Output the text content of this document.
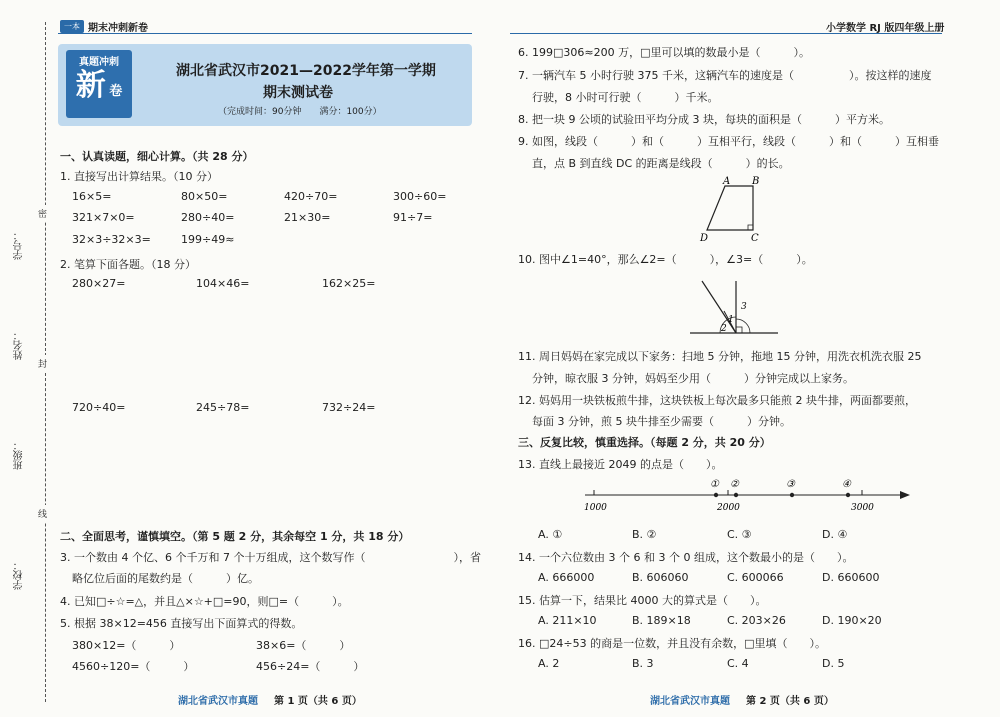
一本 期末冲刺新卷	小学数学 RJ 版四年级上册
学号：
姓名：
班级：
学校：
密
封
线
真题冲刺
新 卷
湖北省武汉市2021—2022学年第一学期
期末测试卷
（完成时间：90分钟　　满分：100分）
一、认真读题，细心计算。（共 28 分）
1. 直接写出计算结果。（10 分）
16×5=	80×50=	420÷70=	300÷60=
321×7×0=	280÷40=	21×30=	91÷7=
32×3÷32×3=	199÷49≈
2. 笔算下面各题。（18 分）
280×27=	104×46=	162×25=
720÷40=	245÷78=	732÷24=
二、全面思考，谨慎填空。（第 5 题 2 分，其余每空 1 分，共 18 分）
3. 一个数由 4 个亿、6 个千万和 7 个十万组成，这个数写作（　　　　　　　　），省
略亿位后面的尾数约是（　　　）亿。
4. 已知□÷☆=△，并且△×☆+□=90，则□=（　　　）。
5. 根据 38×12=456 直接写出下面算式的得数。
380×12=（　　　）	38×6=（　　　）
4560÷120=（　　　）	456÷24=（　　　）
湖北省武汉市真题 第 1 页（共 6 页）
6. 199□306≈200 万，□里可以填的数最小是（　　　）。
7. 一辆汽车 5 小时行驶 375 千米，这辆汽车的速度是（　　　　　）。按这样的速度
行驶，8 小时可行驶（　　　）千米。
8. 把一块 9 公顷的试验田平均分成 3 块，每块的面积是（　　　）平方米。
9. 如图，线段（　　　）和（　　　）互相平行，线段（　　　）和（　　　）互相垂
直，点 B 到直线 DC 的距离是线段（　　　）的长。
A B
D	C
10. 图中∠1=40°，那么∠2=（　　　），∠3=（　　　）。
1
2
3
11. 周日妈妈在家完成以下家务：扫地 5 分钟，拖地 15 分钟，用洗衣机洗衣服 25
分钟，晾衣服 3 分钟，妈妈至少用（　　　）分钟完成以上家务。
12. 妈妈用一块铁板煎牛排，这块铁板上每次最多只能煎 2 块牛排，两面都要煎，
每面 3 分钟，煎 5 块牛排至少需要（　　　）分钟。
三、反复比较，慎重选择。（每题 2 分，共 20 分）
13. 直线上最接近 2049 的点是（　　）。
1000	2000	3000
① ②	③	④
A. ①	B. ②	C. ③	D. ④
14. 一个六位数由 3 个 6 和 3 个 0 组成，这个数最小的是（　　）。
A. 666000	B. 606060	C. 600066	D. 660600
15. 估算一下，结果比 4000 大的算式是（　　）。
A. 211×10	B. 189×18	C. 203×26	D. 190×20
16. □24÷53 的商是一位数，并且没有余数，□里填（　　）。
A. 2	B. 3	C. 4	D. 5
湖北省武汉市真题 第 2 页（共 6 页）
